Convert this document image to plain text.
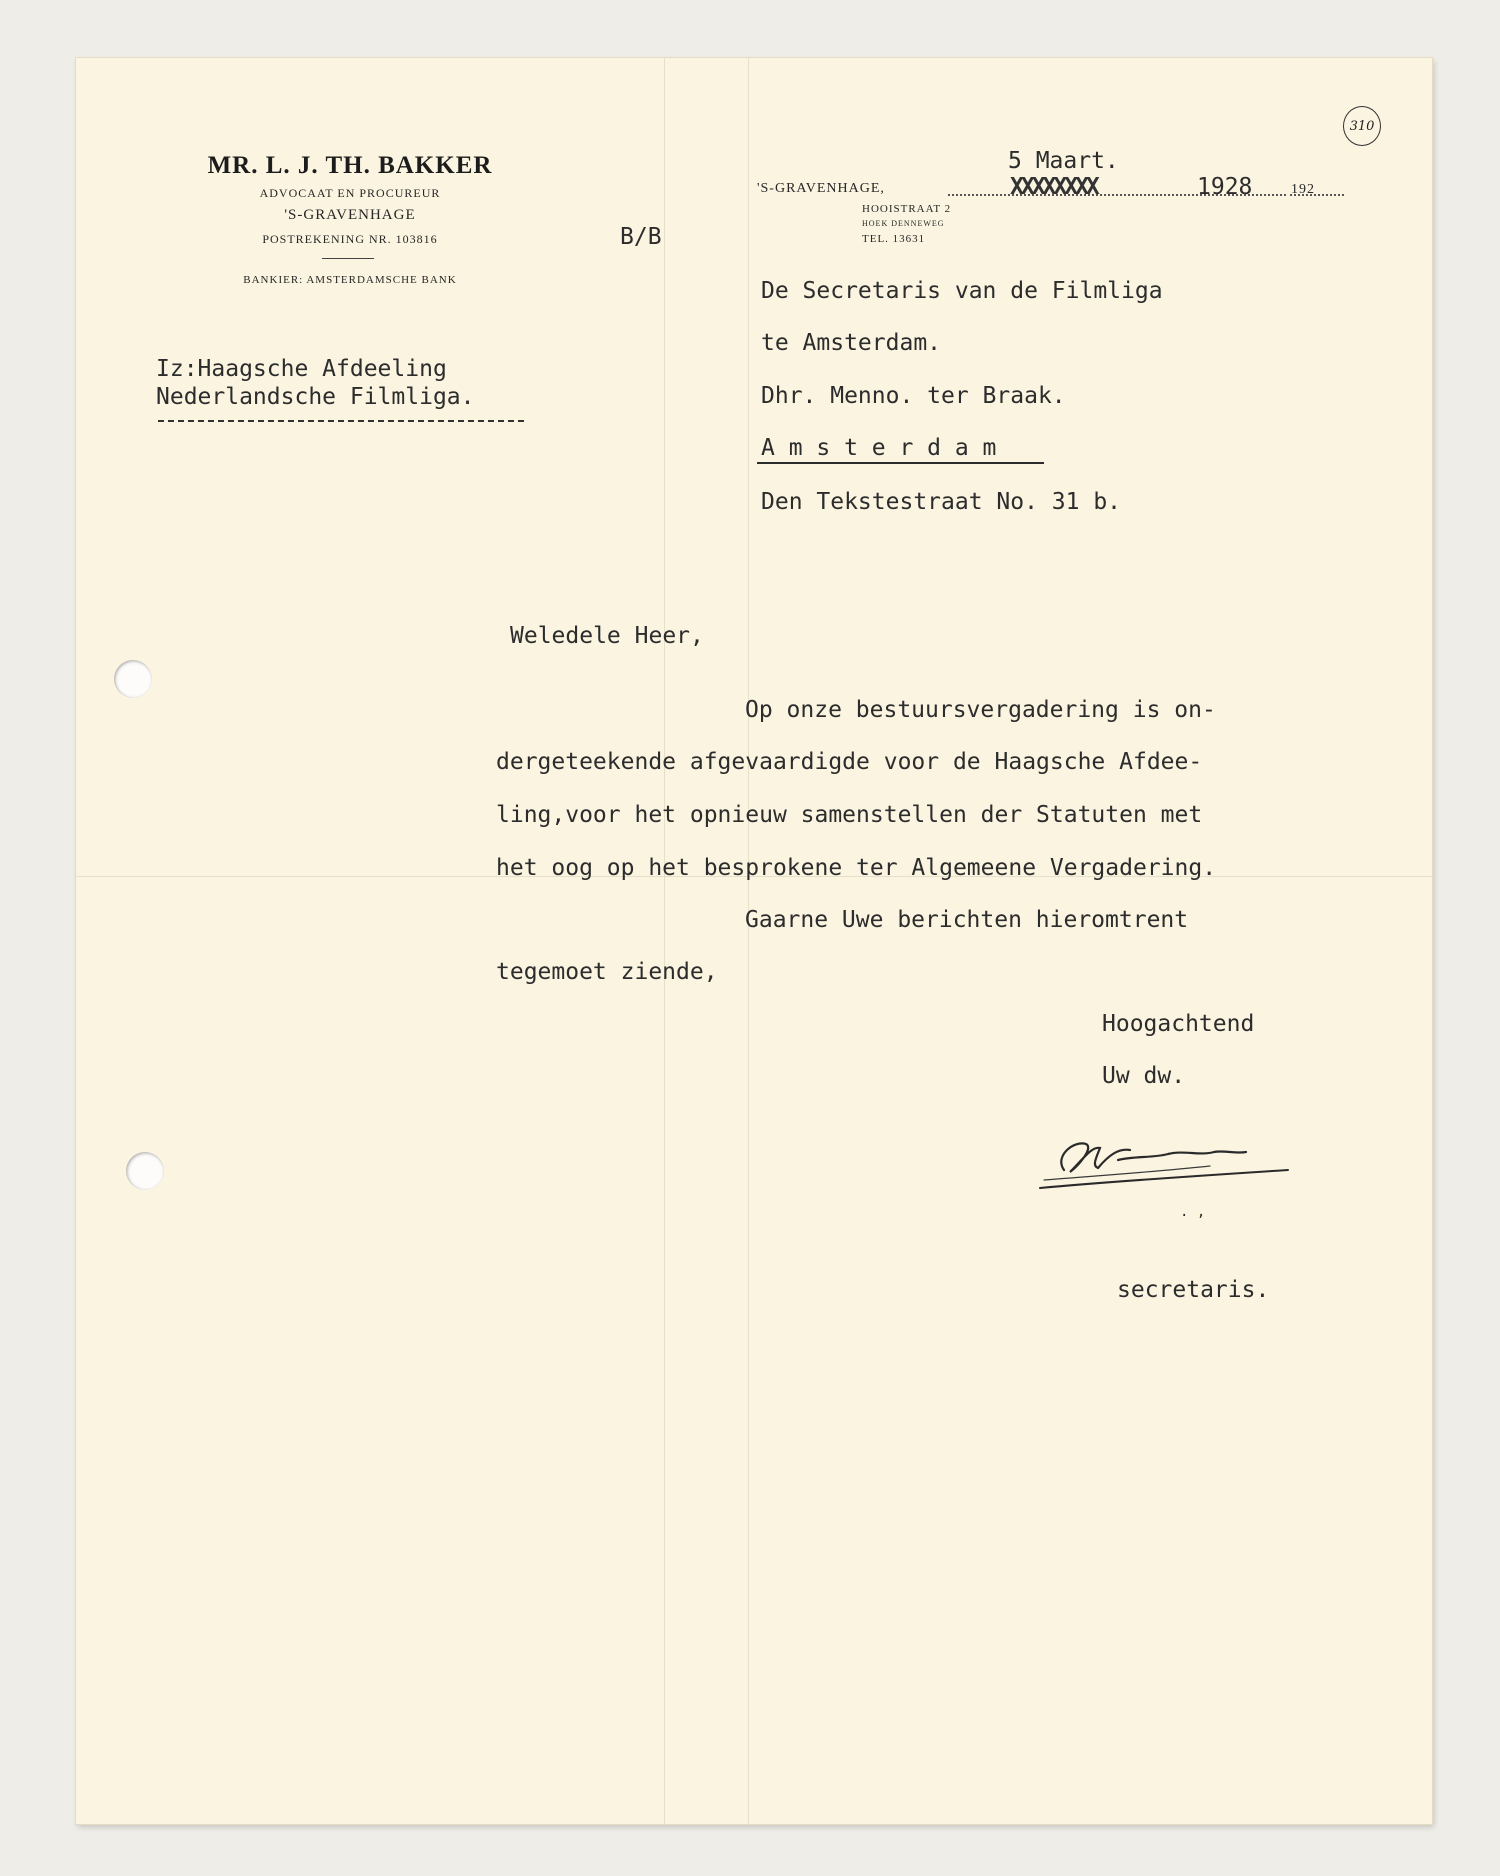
310
MR. L. J. TH. BAKKER
ADVOCAAT EN PROCUREUR
'S-GRAVENHAGE
POSTREKENING NR. 103816
BANKIER: AMSTERDAMSCHE BANK
B/B
'S-GRAVENHAGE,
5 Maart.
XXXXXXXX	1928	192
HOOISTRAAT 2
HOEK DENNEWEG
TEL. 13631
Iz:Haagsche Afdeeling
Nederlandsche Filmliga.
De Secretaris van de Filmliga
te Amsterdam.
Dhr. Menno. ter Braak.
A m s t e r d a m
Den Tekstestraat No. 31 b.
Weledele Heer,
Op onze bestuursvergadering is on-
dergeteekende afgevaardigde voor de Haagsche Afdee-
ling,voor het opnieuw samenstellen der Statuten met
het oog op het besprokene ter Algemeene Vergadering.
Gaarne Uwe berichten hieromtrent
tegemoet ziende,
Hoogachtend
Uw dw.
. ,
secretaris.
